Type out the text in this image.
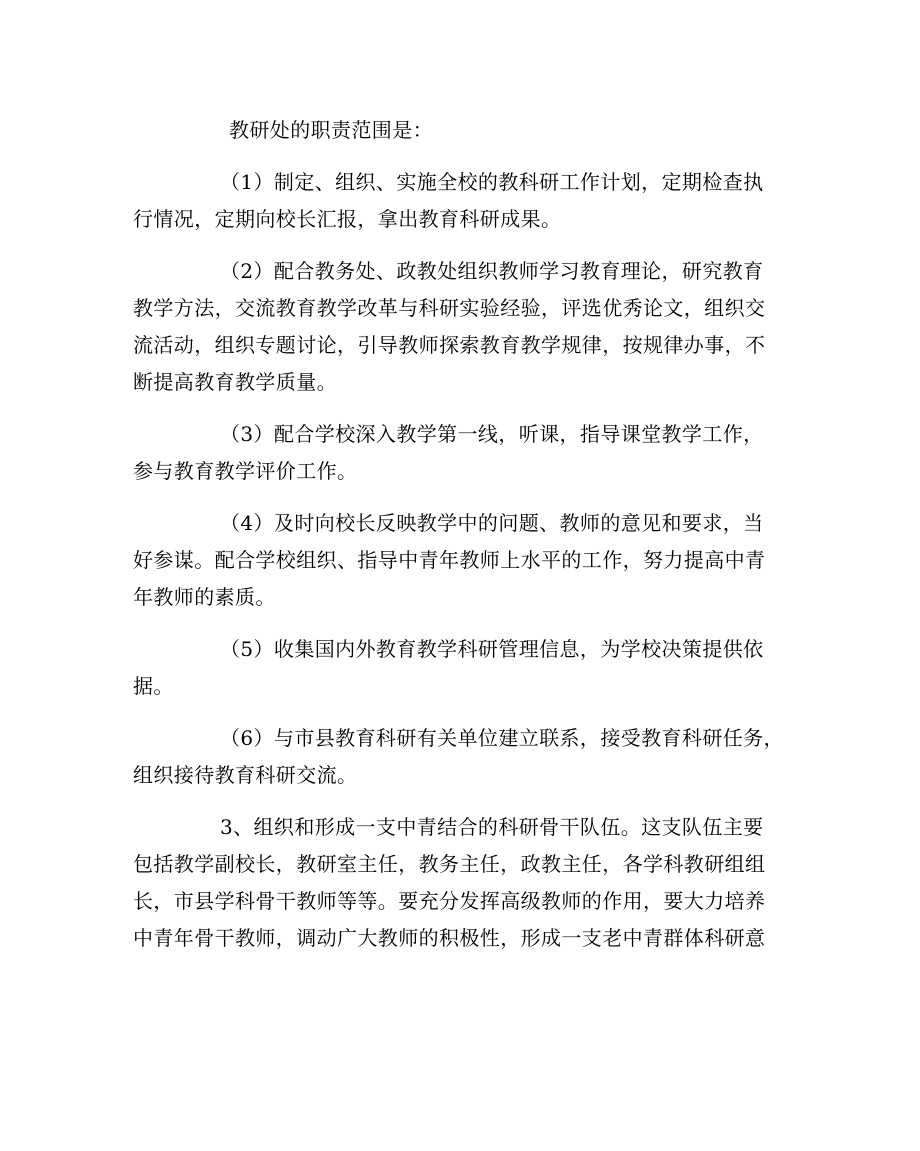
教研处的职责范围是：

（1）制定、组织、实施全校的教科研工作计划，定期检查执
行情况，定期向校长汇报，拿出教育科研成果。

（2）配合教务处、政教处组织教师学习教育理论，研究教育
教学方法，交流教育教学改革与科研实验经验，评选优秀论文，组织交
流活动，组织专题讨论，引导教师探索教育教学规律，按规律办事，不
断提高教育教学质量。

（3）配合学校深入教学第一线，听课，指导课堂教学工作，
参与教育教学评价工作。

（4）及时向校长反映教学中的问题、教师的意见和要求，当
好参谋。配合学校组织、指导中青年教师上水平的工作，努力提高中青
年教师的素质。

（5）收集国内外教育教学科研管理信息，为学校决策提供依
据。

（6）与市县教育科研有关单位建立联系，接受教育科研任务，
组织接待教育科研交流。

3、组织和形成一支中青结合的科研骨干队伍。这支队伍主要
包括教学副校长，教研室主任，教务主任，政教主任，各学科教研组组
长，市县学科骨干教师等等。要充分发挥高级教师的作用，要大力培养
中青年骨干教师，调动广大教师的积极性，形成一支老中青群体科研意
